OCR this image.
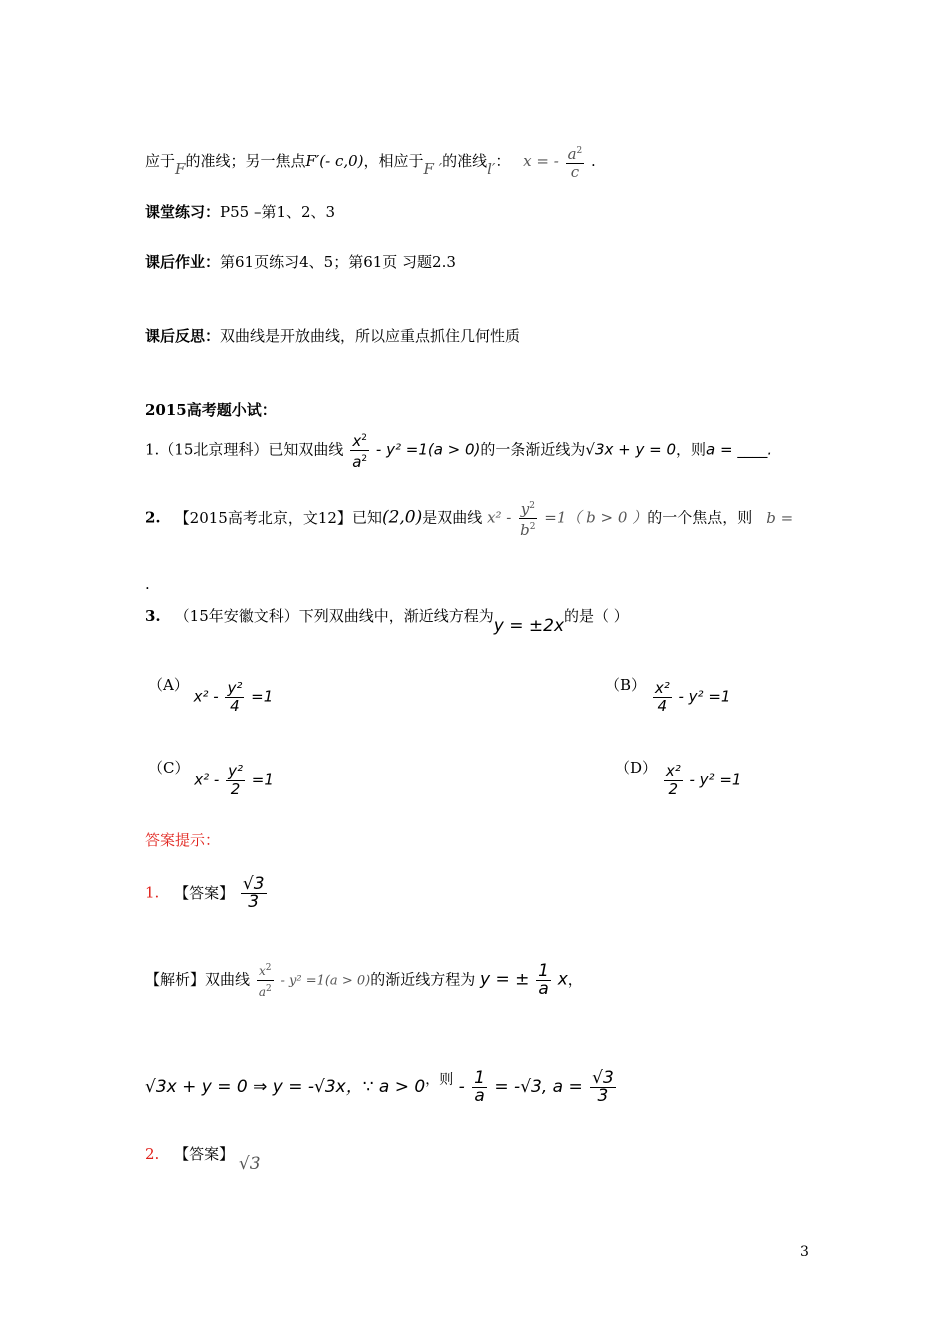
应于F的准线；另一焦点F′(- c,0)，相应于F ′的准线l′： x = - $\frac{a^2}{c}$ .
课堂练习：P55 –第1、2、3
课后作业：第61页练习4、5；第61页 习题2.3
课后反思：双曲线是开放曲线，所以应重点抓住几何性质
2015高考题小试：
1.（15北京理科）已知双曲线 $\frac{x^2}{a^2} - y^2 =1(a > 0)$的一条渐近线为√3x + y = 0，则a = ____.
2. 【2015高考北京，文12】已知(2,0)是双曲线 $x^2 - \frac{y^2}{b^2} =1$（ b > 0 ）的一个焦点，则 b =
.
3. （15年安徽文科）下列双曲线中，渐近线方程为y = ±2x的是（ ）
（A） $x^2 - \frac{\text{y²}}{4} =1$
$(B) \frac{\text{x²}}{4} - y^2 =1$
（C） $x^2 - \frac{\text{y²}}{2} =1$
$(D) \frac{\text{x²}}{2} - y^2 =1$
答案提示：
1. 【答案】 $\frac{√3}{3}$
【解析】双曲线 $\frac{x^2}{a^2} - y^2 =1(a > 0)$的渐近线方程为 y = ± $\frac{1}{a}$ x，
√3x + y = 0 ⇒ y = -√3x，∵ $a > 0^{,则} - \frac{1}{a} = -√3$, $a = \frac{√3}{3}$
2. 【答案】 √3
3
